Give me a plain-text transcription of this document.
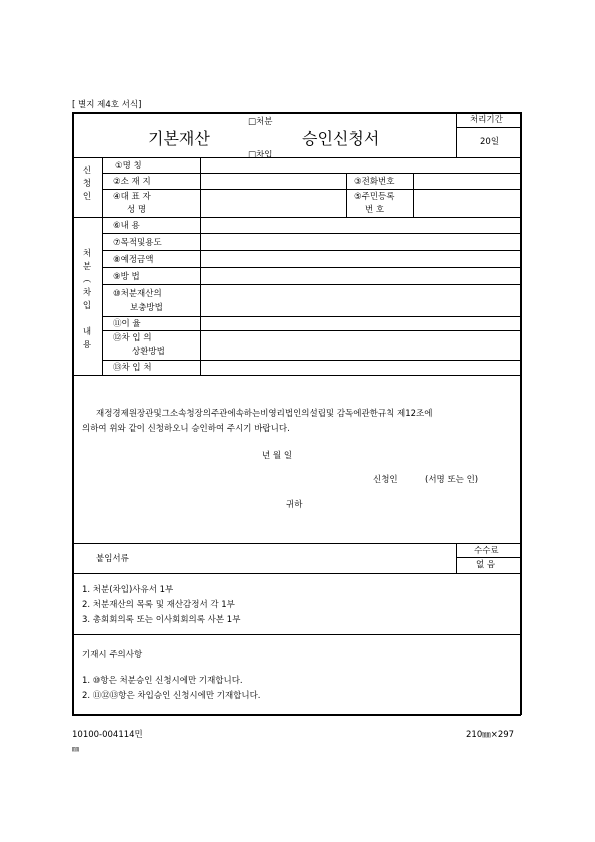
[ 별지 제4호 서식]
기본재산
□처분
□차입
승인신청서
처리기간
20일
신
청
인
①명 칭
②소 재 지	③전화번호
④대 표 자
성 명
⑤주민등록
번 호
처
분
︵
차
입

내
용
⑥내 용
⑦목적및용도
⑧예정금액
⑨방 법
⑩처분재산의
보충방법
⑪이 율
⑫차 입 의
상환방법
⑬차 입 처
재정경제원장관및그소속청장의주관에속하는비영리법인의설립및 감독에관한규칙 제12조에
의하여 위와 같이 신청하오니 승인하여 주시기 바랍니다.
년 월 일
신청인	(서명 또는 인)
귀하
붙임서류
수수료
없 음
1. 처분(차입)사유서 1부
2. 처분재산의 목록 및 재산감정서 각 1부
3. 총회회의록 또는 이사회회의록 사본 1부
기재시 주의사항
1. ⑩항은 처분승인 신청시에만 기재합니다.
2. ⑪⑫⑬항은 차입승인 신청시에만 기재합니다.
10100-004114민
㎜
210㎜×297
